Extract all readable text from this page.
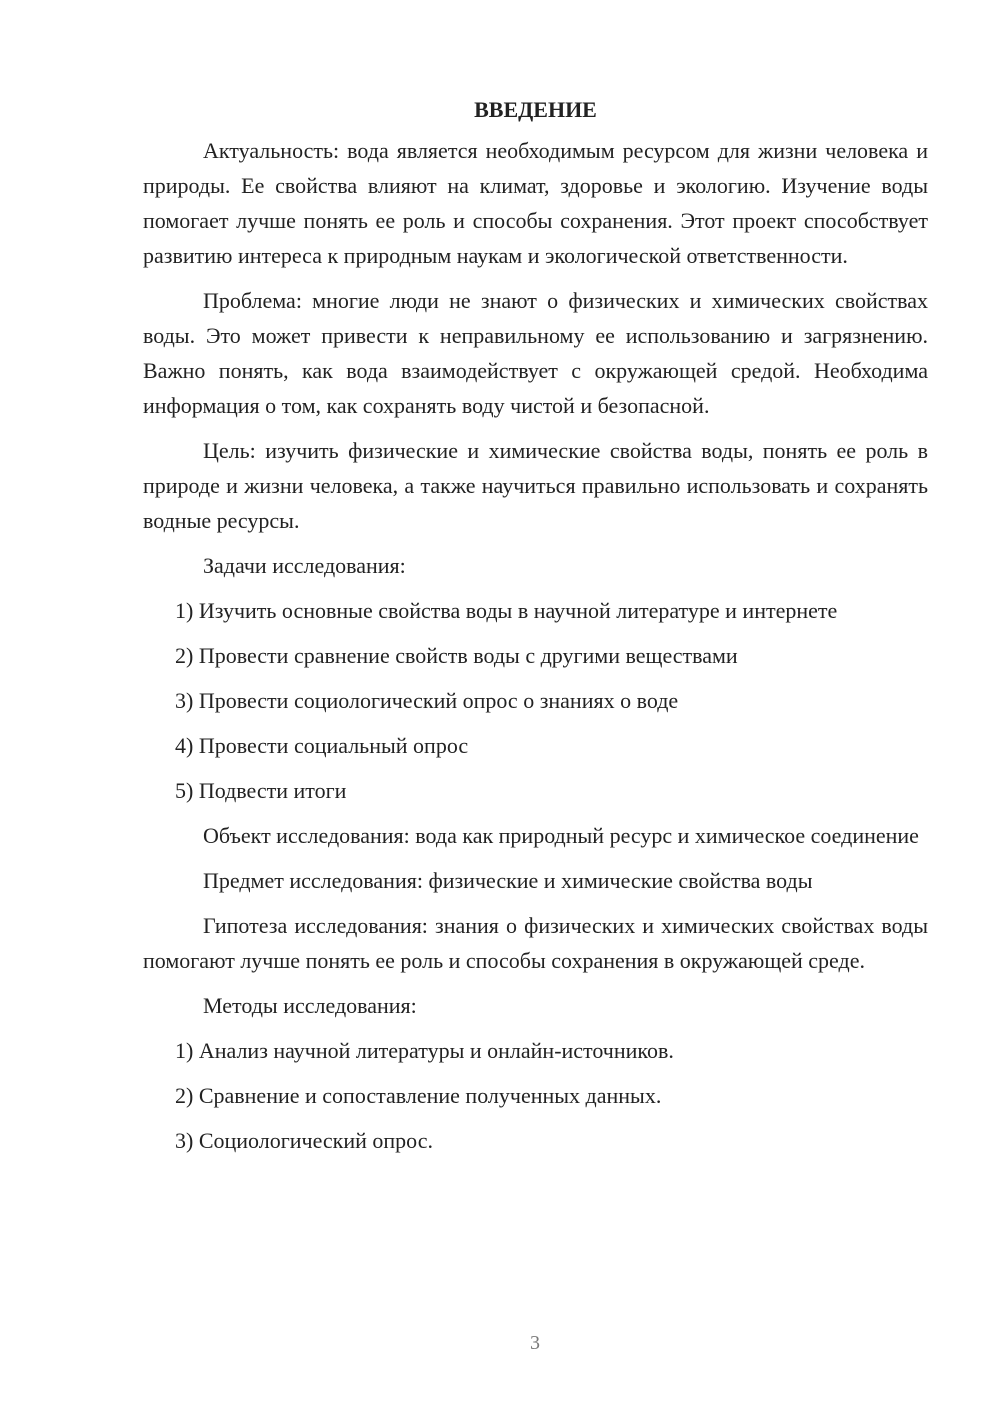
ВВЕДЕНИЕ

Актуальность: вода является необходимым ресурсом для жизни человека и природы. Ее свойства влияют на климат, здоровье и экологию. Изучение воды помогает лучше понять ее роль и способы сохранения. Этот проект способствует развитию интереса к природным наукам и экологической ответственности.

Проблема: многие люди не знают о физических и химических свойствах воды. Это может привести к неправильному ее использованию и загрязнению. Важно понять, как вода взаимодействует с окружающей средой. Необходима информация о том, как сохранять воду чистой и безопасной.

Цель: изучить физические и химические свойства воды, понять ее роль в природе и жизни человека, а также научиться правильно использовать и сохранять водные ресурсы.

Задачи исследования:

1) Изучить основные свойства воды в научной литературе и интернете
2) Провести сравнение свойств воды с другими веществами
3) Провести социологический опрос о знаниях о воде
4) Провести социальный опрос
5) Подвести итоги

Объект исследования: вода как природный ресурс и химическое соединение

Предмет исследования: физические и химические свойства воды

Гипотеза исследования: знания о физических и химических свойствах воды помогают лучше понять ее роль и способы сохранения в окружающей среде.

Методы исследования:

1) Анализ научной литературы и онлайн-источников.
2) Сравнение и сопоставление полученных данных.
3) Социологический опрос.
3
